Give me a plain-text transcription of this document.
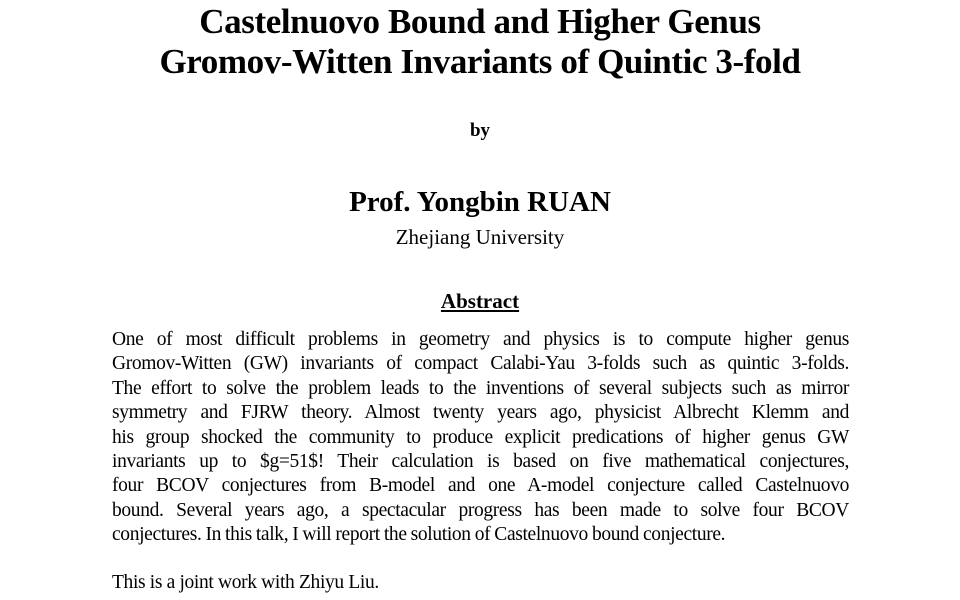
Castelnuovo Bound and Higher Genus
Gromov-Witten Invariants of Quintic 3-fold
by
Prof. Yongbin RUAN
Zhejiang University
Abstract
One of most difficult problems in geometry and physics is to compute higher genus
Gromov-Witten (GW) invariants of compact Calabi-Yau 3-folds such as quintic 3-folds.
The effort to solve the problem leads to the inventions of several subjects such as mirror
symmetry and FJRW theory. Almost twenty years ago, physicist Albrecht Klemm and
his group shocked the community to produce explicit predications of higher genus GW
invariants up to $g=51$! Their calculation is based on five mathematical conjectures,
four BCOV conjectures from B-model and one A-model conjecture called Castelnuovo
bound. Several years ago, a spectacular progress has been made to solve four BCOV
conjectures. In this talk, I will report the solution of Castelnuovo bound conjecture.
This is a joint work with Zhiyu Liu.
